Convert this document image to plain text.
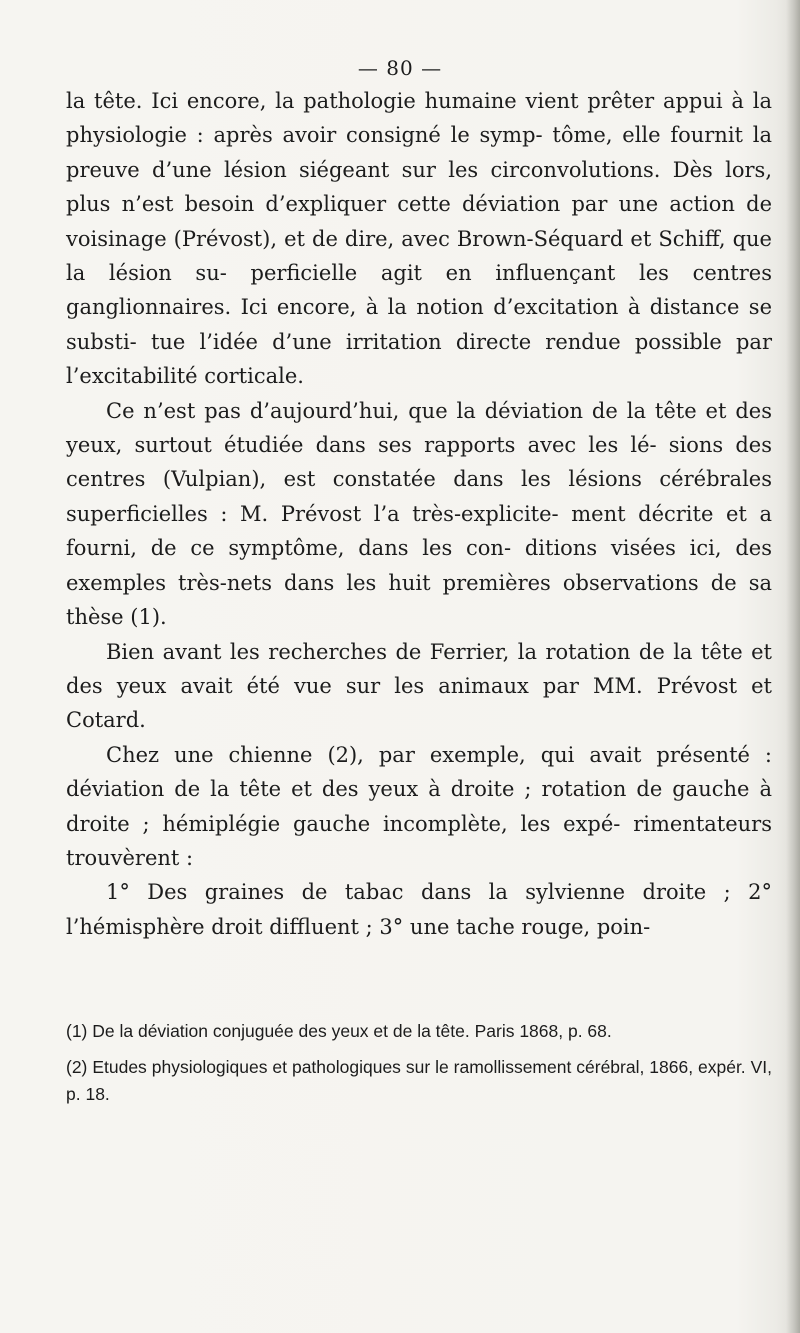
— 80 —

la tête. Ici encore, la pathologie humaine vient prêter appui à la physiologie : après avoir consigné le symp- tôme, elle fournit la preuve d’une lésion siégeant sur les circonvolutions. Dès lors, plus n’est besoin d’expliquer cette déviation par une action de voisinage (Prévost), et de dire, avec Brown-Séquard et Schiff, que la lésion su- perficielle agit en influençant les centres ganglionnaires. Ici encore, à la notion d’excitation à distance se substi- tue l’idée d’une irritation directe rendue possible par l’excitabilité corticale.

Ce n’est pas d’aujourd’hui, que la déviation de la tête et des yeux, surtout étudiée dans ses rapports avec les lé- sions des centres (Vulpian), est constatée dans les lésions cérébrales superficielles : M. Prévost l’a très-explicite- ment décrite et a fourni, de ce symptôme, dans les con- ditions visées ici, des exemples très-nets dans les huit premières observations de sa thèse (1).

Bien avant les recherches de Ferrier, la rotation de la tête et des yeux avait été vue sur les animaux par MM. Prévost et Cotard.

Chez une chienne (2), par exemple, qui avait présenté : déviation de la tête et des yeux à droite ; rotation de gauche à droite ; hémiplégie gauche incomplète, les expé- rimentateurs trouvèrent :

1° Des graines de tabac dans la sylvienne droite ; 2° l’hémisphère droit diffluent ; 3° une tache rouge, poin-

(1) De la déviation conjuguée des yeux et de la tête. Paris 1868, p. 68.

(2) Etudes physiologiques et pathologiques sur le ramollissement cérébral, 1866, expér. VI, p. 18.
